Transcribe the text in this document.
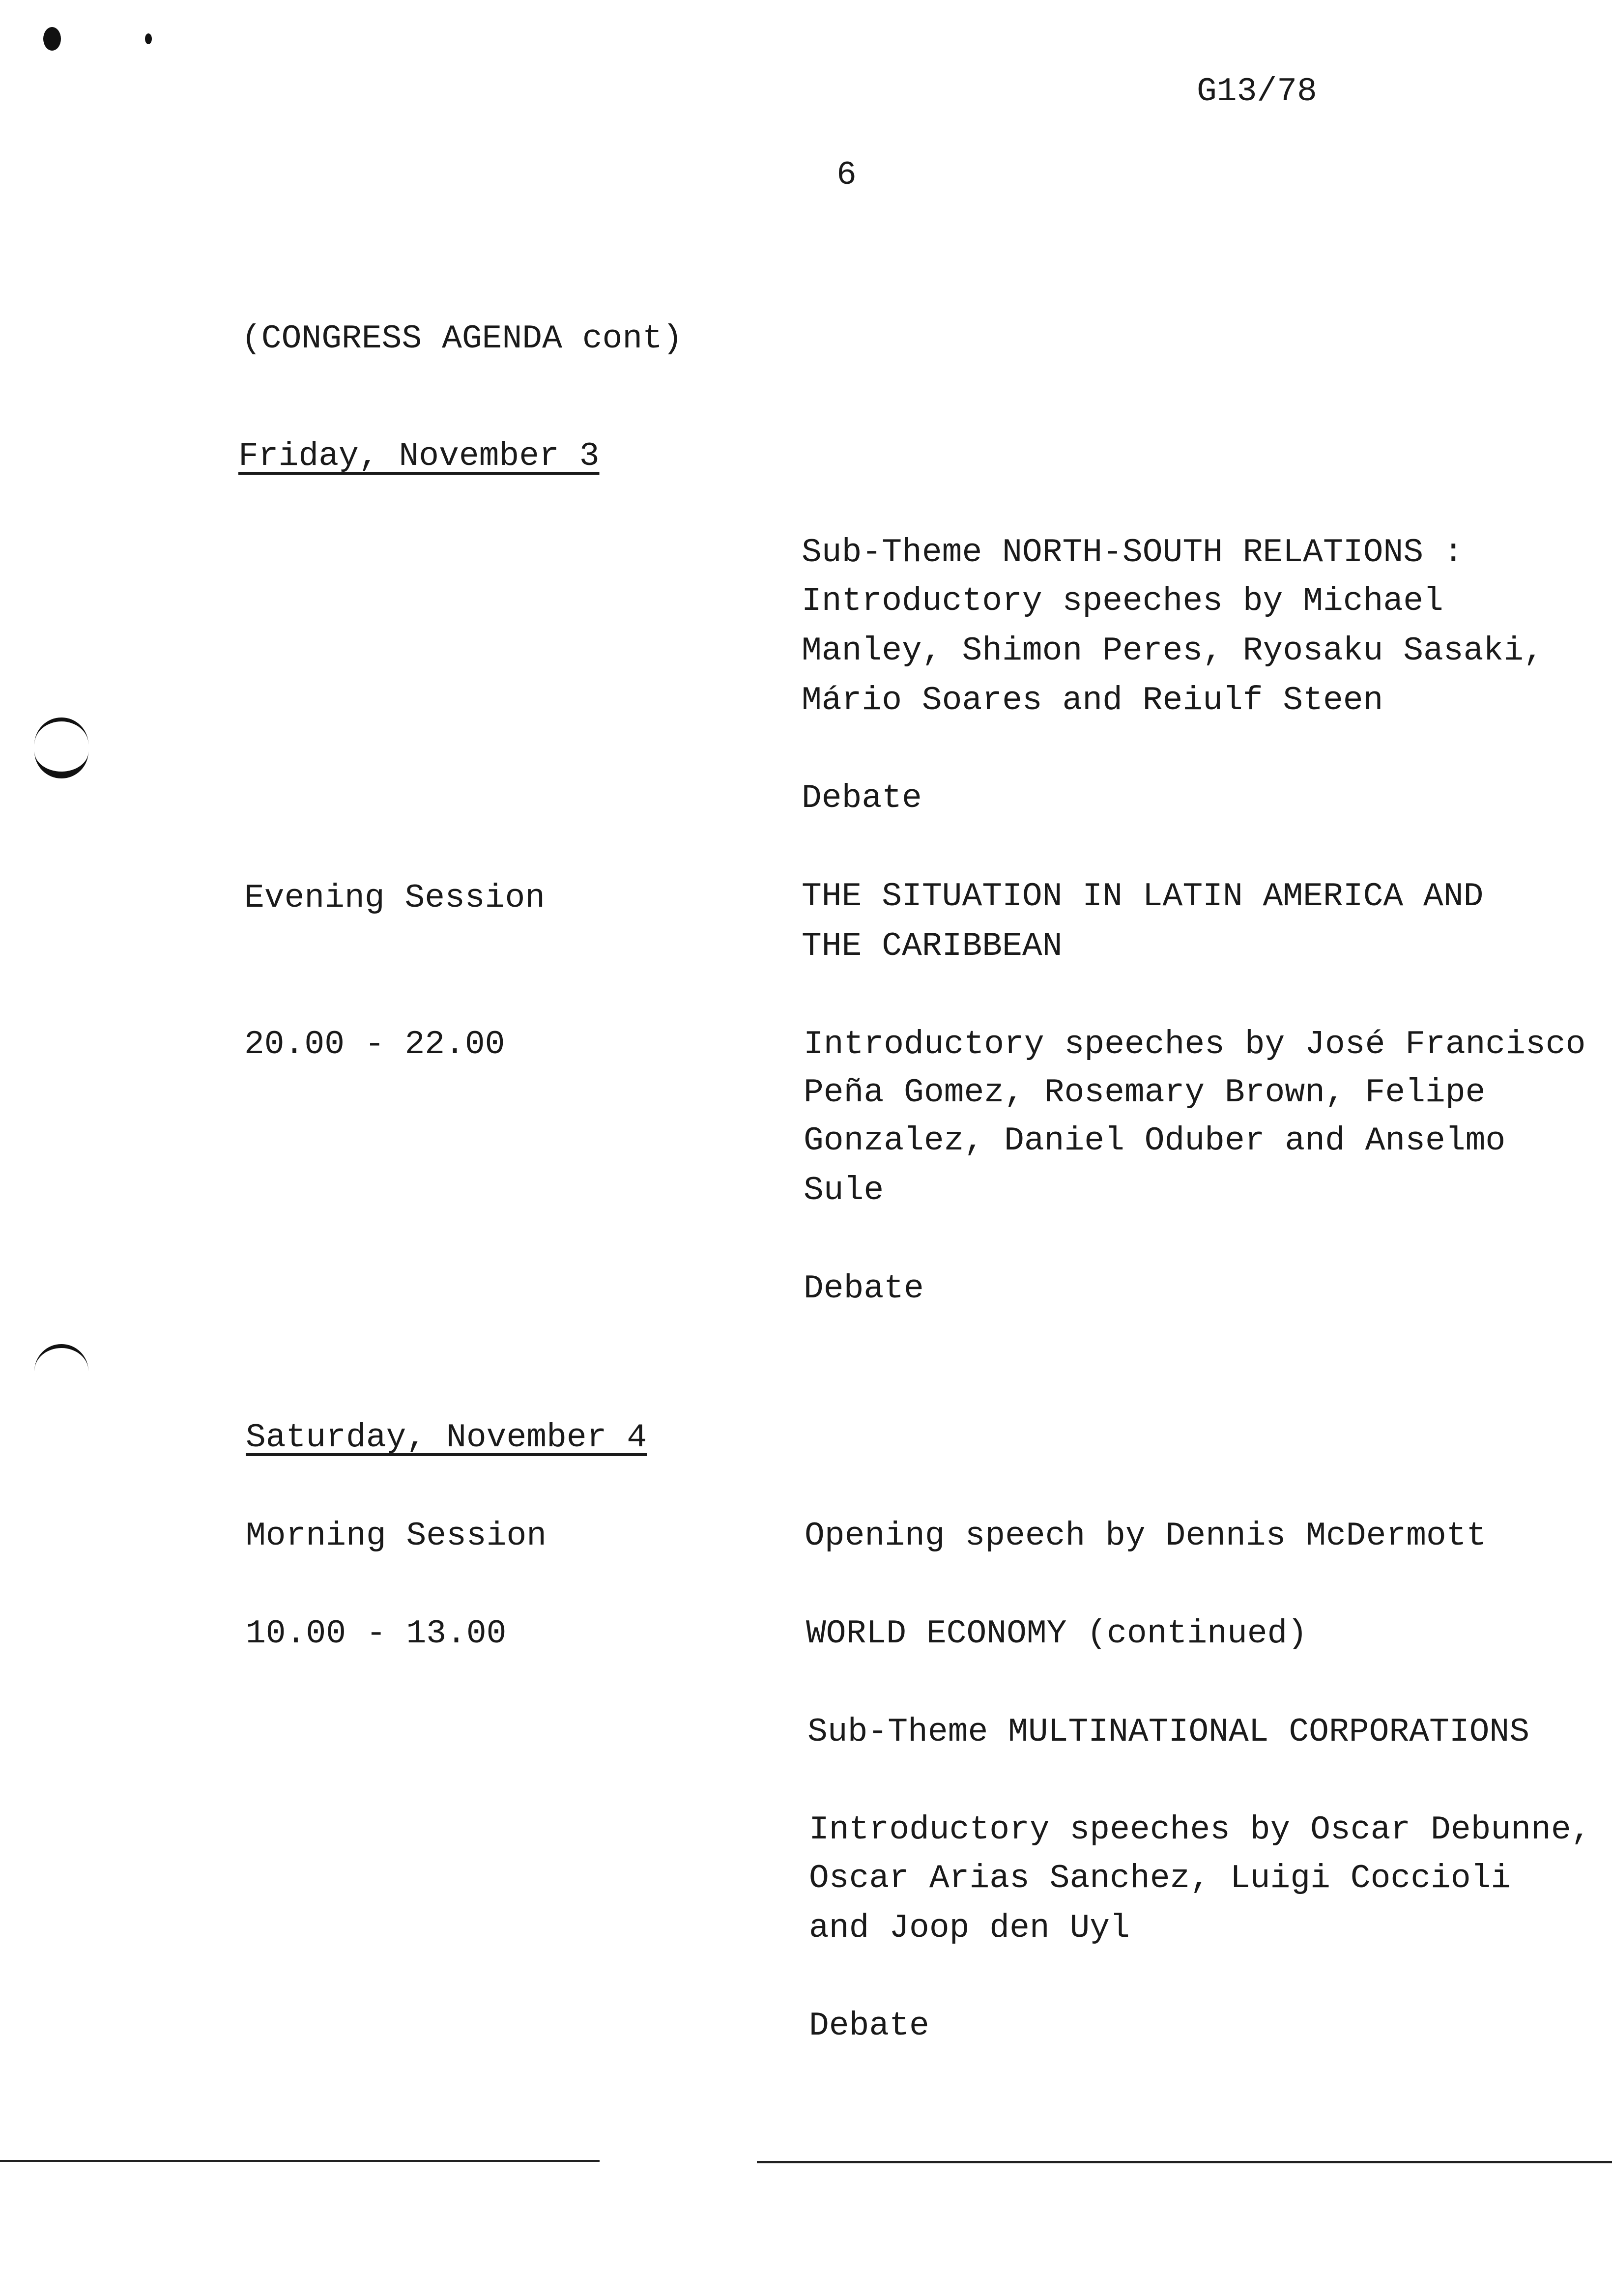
G13/78
6
(CONGRESS AGENDA cont)
Friday, November 3
Sub-Theme NORTH-SOUTH RELATIONS :
Introductory speeches by Michael
Manley, Shimon Peres, Ryosaku Sasaki,
Mário Soares and Reiulf Steen
Debate
Evening Session	THE SITUATION IN LATIN AMERICA AND
THE CARIBBEAN
20.00 - 22.00	Introductory speeches by José Francisco
Peña Gomez, Rosemary Brown, Felipe
Gonzalez, Daniel Oduber and Anselmo
Sule
Debate
Saturday, November 4
Morning Session	Opening speech by Dennis McDermott
10.00 - 13.00	WORLD ECONOMY (continued)
Sub-Theme MULTINATIONAL CORPORATIONS
Introductory speeches by Oscar Debunne,
Oscar Arias Sanchez, Luigi Coccioli
and Joop den Uyl
Debate
